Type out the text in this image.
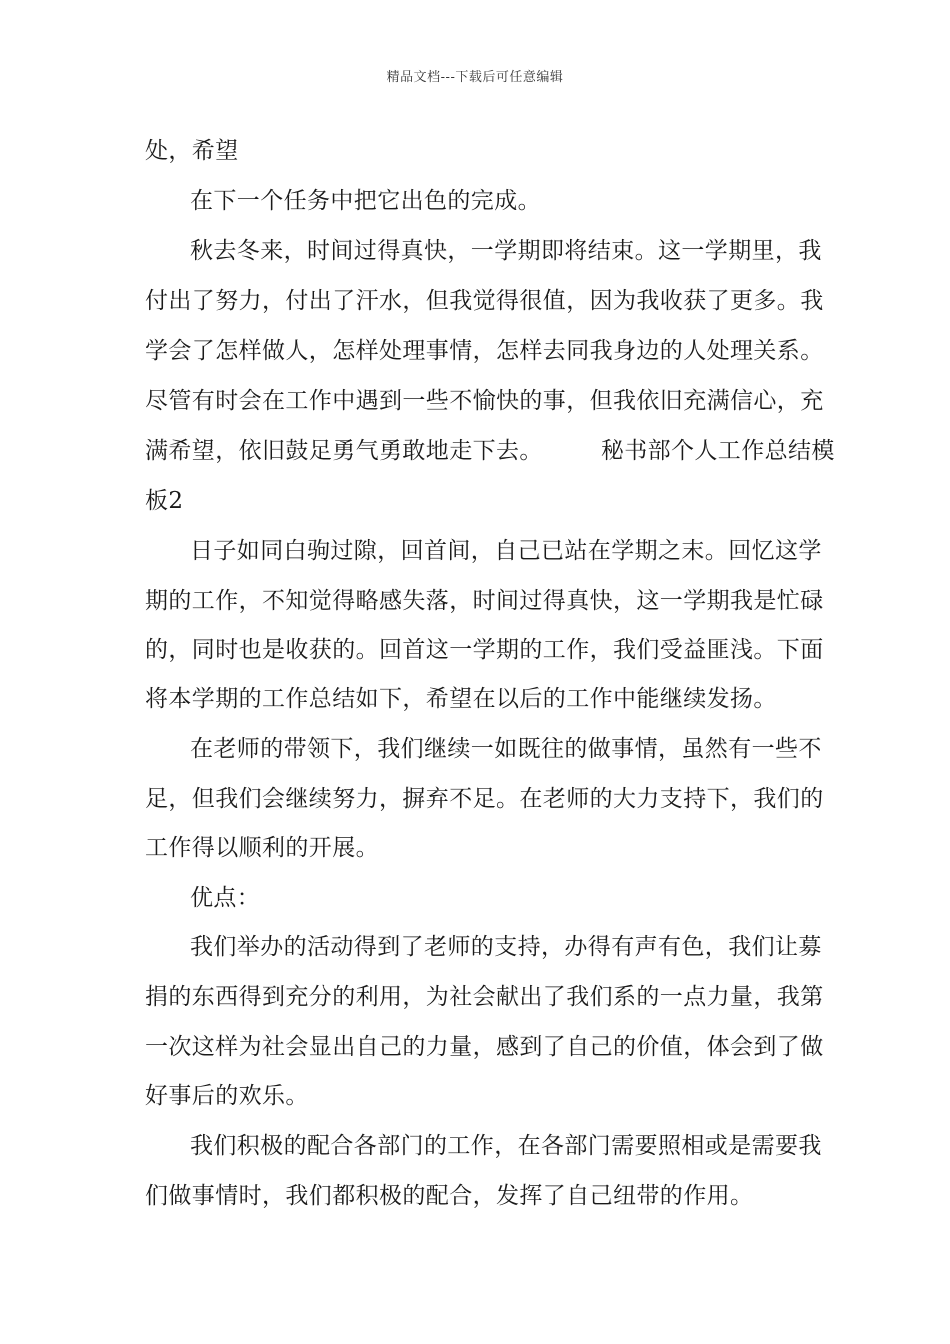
精品文档---下载后可任意编辑
处，希望
在下一个任务中把它出色的完成。
秋去冬来，时间过得真快，一学期即将结束。这一学期里，我
付出了努力，付出了汗水，但我觉得很值，因为我收获了更多。我
学会了怎样做人，怎样处理事情，怎样去同我身边的人处理关系。
尽管有时会在工作中遇到一些不愉快的事，但我依旧充满信心，充
满希望，依旧鼓足勇气勇敢地走下去。	秘书部个人工作总结模
板2
日子如同白驹过隙，回首间，自己已站在学期之末。回忆这学
期的工作，不知觉得略感失落，时间过得真快，这一学期我是忙碌
的，同时也是收获的。回首这一学期的工作，我们受益匪浅。下面
将本学期的工作总结如下，希望在以后的工作中能继续发扬。
在老师的带领下，我们继续一如既往的做事情，虽然有一些不
足，但我们会继续努力，摒弃不足。在老师的大力支持下，我们的
工作得以顺利的开展。
优点：
我们举办的活动得到了老师的支持，办得有声有色，我们让募
捐的东西得到充分的利用，为社会献出了我们系的一点力量，我第
一次这样为社会显出自己的力量，感到了自己的价值，体会到了做
好事后的欢乐。
我们积极的配合各部门的工作，在各部门需要照相或是需要我
们做事情时，我们都积极的配合，发挥了自己纽带的作用。
